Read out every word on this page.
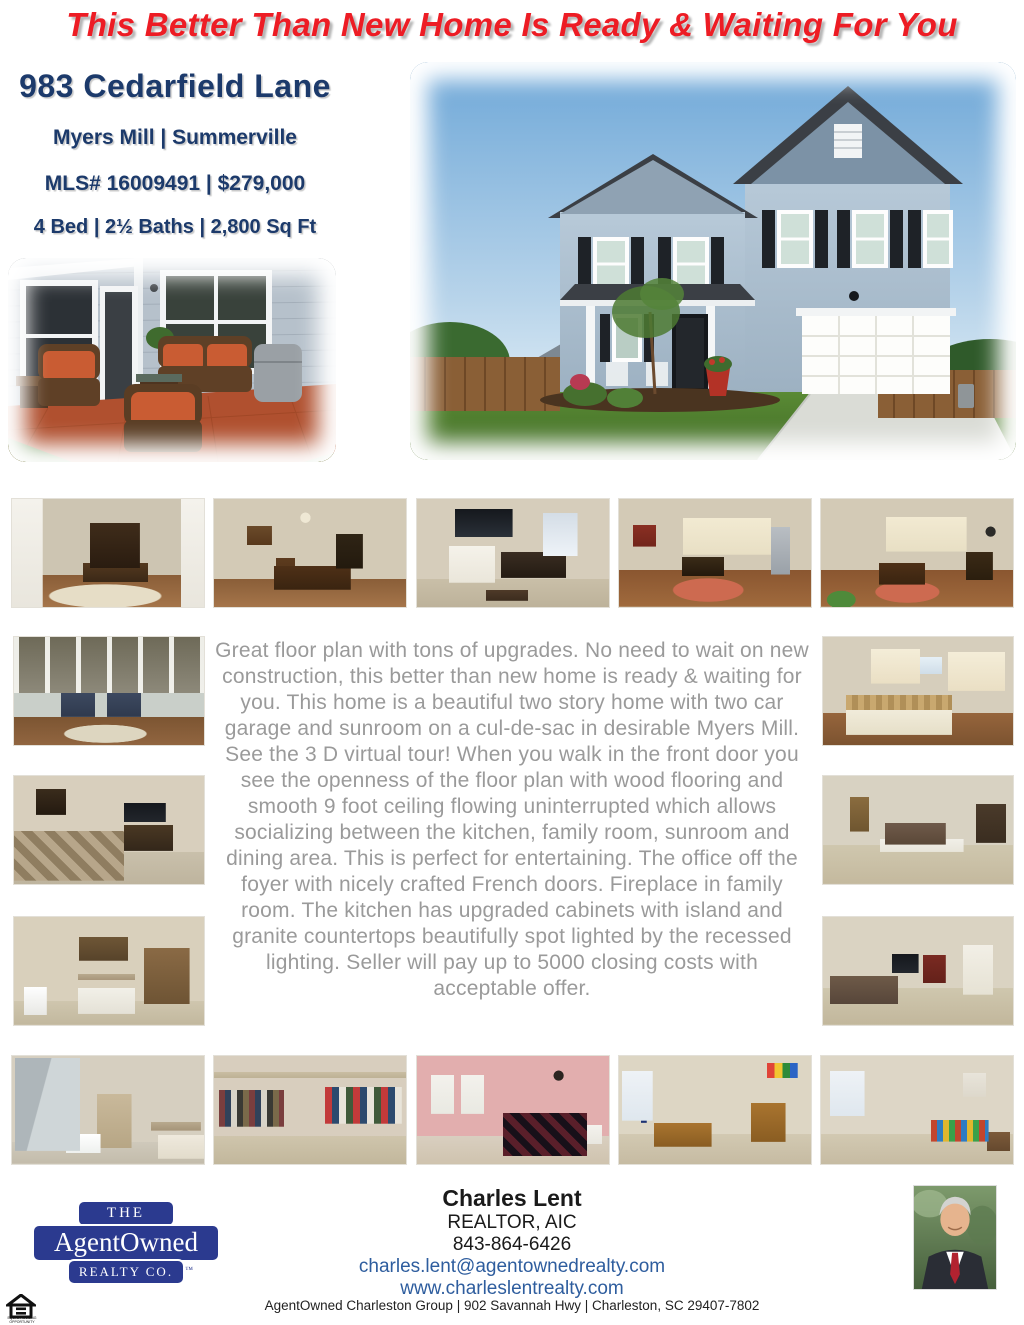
This Better Than New Home Is Ready & Waiting For You
983 Cedarfield Lane
Myers Mill | Summerville
MLS# 16009491 | $279,000
4 Bed | 2½ Baths | 2,800 Sq Ft
Great floor plan with tons of upgrades. No need to wait on new construction, this better than new home is ready & waiting for you. This home is a beautiful two story home with two car garage and sunroom on a cul-de-sac in desirable Myers Mill. See the 3 D virtual tour! When you walk in the front door you see the openness of the floor plan with wood flooring and smooth 9 foot ceiling flowing uninterrupted which allows socializing between the kitchen, family room, sunroom and dining area. This is perfect for entertaining. The office off the foyer with nicely crafted French doors. Fireplace in family room. The kitchen has upgraded cabinets with island and granite countertops beautifully spot lighted by the recessed lighting. Seller will pay up to 5000 closing costs with acceptable offer.
THE
AgentOwned
REALTY CO. ™
Charles Lent
REALTOR, AIC
843-864-6426
charles.lent@agentownedrealty.com
www.charleslentrealty.com
AgentOwned Charleston Group | 902 Savannah Hwy | Charleston, SC 29407-7802
EQUAL HOUSING OPPORTUNITY
